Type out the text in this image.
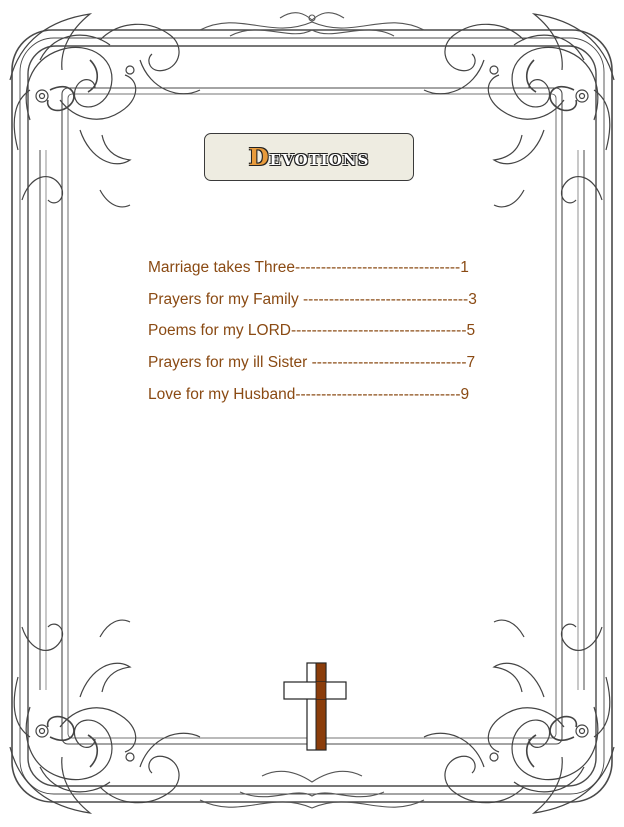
Devotions
Marriage takes Three--------------------------------1
Prayers for my Family --------------------------------3
Poems for my LORD----------------------------------5
Prayers for my ill Sister ------------------------------7
Love for my Husband--------------------------------9
